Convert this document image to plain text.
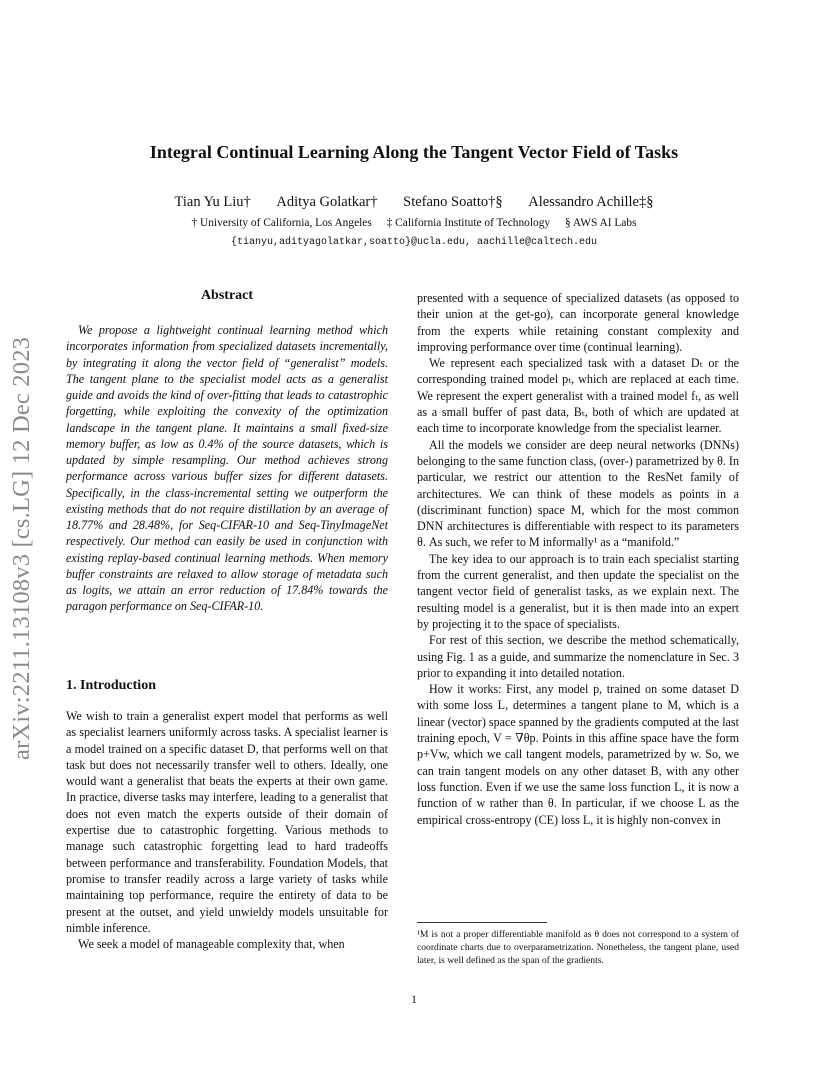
arXiv:2211.13108v3 [cs.LG] 12 Dec 2023
Integral Continual Learning Along the Tangent Vector Field of Tasks
Tian Yu Liu† Aditya Golatkar† Stefano Soatto†§ Alessandro Achille‡§
† University of California, Los Angeles ‡ California Institute of Technology § AWS AI Labs
{tianyu,adityagolatkar,soatto}@ucla.edu, aachille@caltech.edu
Abstract
We propose a lightweight continual learning method which incorporates information from specialized datasets incrementally, by integrating it along the vector field of “generalist” models. The tangent plane to the specialist model acts as a generalist guide and avoids the kind of over-fitting that leads to catastrophic forgetting, while exploiting the convexity of the optimization landscape in the tangent plane. It maintains a small fixed-size memory buffer, as low as 0.4% of the source datasets, which is updated by simple resampling. Our method achieves strong performance across various buffer sizes for different datasets. Specifically, in the class-incremental setting we outperform the existing methods that do not require distillation by an average of 18.77% and 28.48%, for Seq-CIFAR-10 and Seq-TinyImageNet respectively. Our method can easily be used in conjunction with existing replay-based continual learning methods. When memory buffer constraints are relaxed to allow storage of metadata such as logits, we attain an error reduction of 17.84% towards the paragon performance on Seq-CIFAR-10.
1. Introduction

We wish to train a generalist expert model that performs as well as specialist learners uniformly across tasks. A specialist learner is a model trained on a specific dataset D, that performs well on that task but does not necessarily transfer well to others. Ideally, one would want a generalist that beats the experts at their own game. In practice, diverse tasks may interfere, leading to a generalist that does not even match the experts outside of their domain of expertise due to catastrophic forgetting. Various methods to manage such catastrophic forgetting lead to hard tradeoffs between performance and transferability. Foundation Models, that promise to transfer readily across a large variety of tasks while maintaining top performance, require the entirety of data to be present at the outset, and yield unwieldy models unsuitable for nimble inference.

We seek a model of manageable complexity that, when

presented with a sequence of specialized datasets (as opposed to their union at the get-go), can incorporate general knowledge from the experts while retaining constant complexity and improving performance over time (continual learning).

We represent each specialized task with a dataset Dₜ or the corresponding trained model pₜ, which are replaced at each time. We represent the expert generalist with a trained model fₜ, as well as a small buffer of past data, Bₜ, both of which are updated at each time to incorporate knowledge from the specialist learner.

All the models we consider are deep neural networks (DNNs) belonging to the same function class, (over-) parametrized by θ. In particular, we restrict our attention to the ResNet family of architectures. We can think of these models as points in a (discriminant function) space M, which for the most common DNN architectures is differentiable with respect to its parameters θ. As such, we refer to M informally¹ as a “manifold.”

The key idea to our approach is to train each specialist starting from the current generalist, and then update the specialist on the tangent vector field of generalist tasks, as we explain next. The resulting model is a generalist, but it is then made into an expert by projecting it to the space of specialists.

For rest of this section, we describe the method schematically, using Fig. 1 as a guide, and summarize the nomenclature in Sec. 3 prior to expanding it into detailed notation.

How it works: First, any model p, trained on some dataset D with some loss L, determines a tangent plane to M, which is a linear (vector) space spanned by the gradients computed at the last training epoch, V = ∇θp. Points in this affine space have the form p+Vw, which we call tangent models, parametrized by w. So, we can train tangent models on any other dataset B, with any other loss function. Even if we use the same loss function L, it is now a function of w rather than θ. In particular, if we choose L as the empirical cross-entropy (CE) loss L, it is highly non-convex in

¹M is not a proper differentiable manifold as θ does not correspond to a system of coordinate charts due to overparametrization. Nonetheless, the tangent plane, used later, is well defined as the span of the gradients.
1
